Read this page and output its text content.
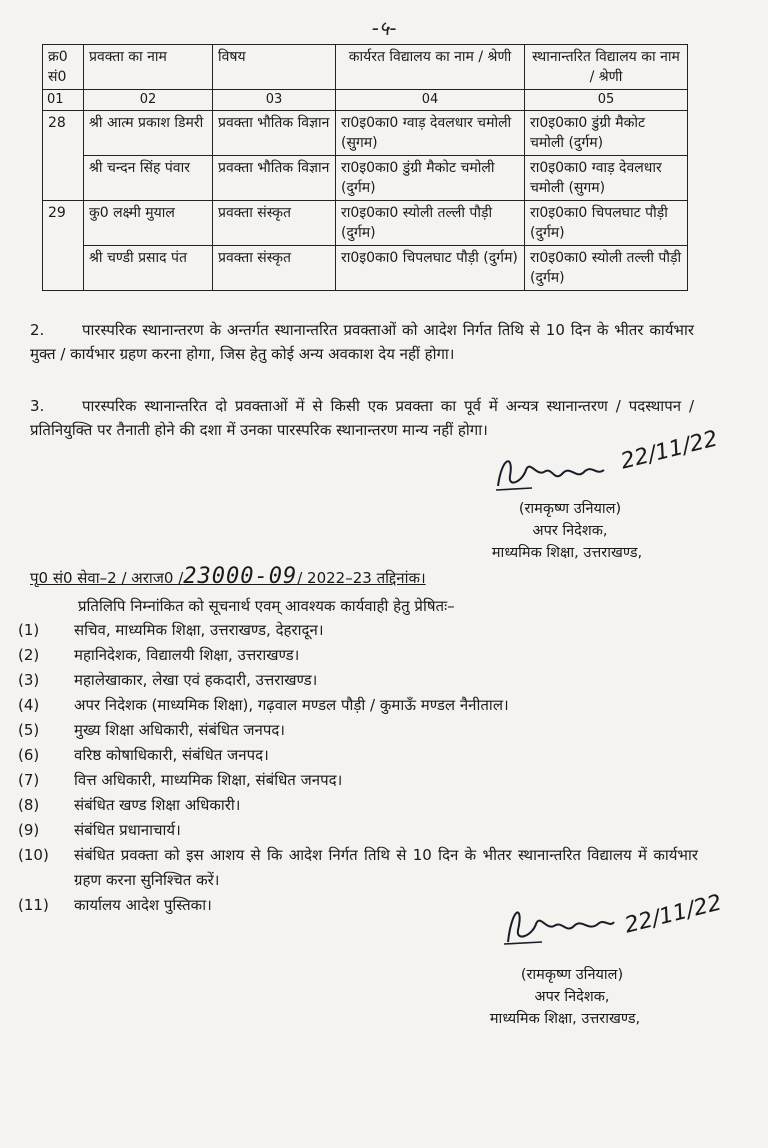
-५-
क्र0 सं0	प्रवक्ता का नाम	विषय	कार्यरत विद्यालय का नाम / श्रेणी	स्थानान्तरित विद्यालय का नाम / श्रेणी
01	02	03	04	05
28	श्री आत्म प्रकाश डिमरी	प्रवक्ता भौतिक विज्ञान	रा0इ0का0 ग्वाड़ देवलधार चमोली (सुगम)	रा0इ0का0 डुंग्री मैकोट चमोली (दुर्गम)
	श्री चन्दन सिंह पंवार	प्रवक्ता भौतिक विज्ञान	रा0इ0का0 डुंग्री मैकोट चमोली (दुर्गम)	रा0इ0का0 ग्वाड़ देवलधार चमोली (सुगम)
29	कु0 लक्ष्मी मुयाल	प्रवक्ता संस्कृत	रा0इ0का0 स्योली तल्ली पौड़ी (दुर्गम)	रा0इ0का0 चिपलघाट पौड़ी (दुर्गम)
	श्री चण्डी प्रसाद पंत	प्रवक्ता संस्कृत	रा0इ0का0 चिपलघाट पौड़ी (दुर्गम)	रा0इ0का0 स्योली तल्ली पौड़ी (दुर्गम)
2.	पारस्परिक स्थानान्तरण के अन्तर्गत स्थानान्तरित प्रवक्ताओं को आदेश निर्गत तिथि से 10 दिन के भीतर कार्यभार मुक्त / कार्यभार ग्रहण करना होगा, जिस हेतु कोई अन्य अवकाश देय नहीं होगा।
3.	पारस्परिक स्थानान्तरित दो प्रवक्ताओं में से किसी एक प्रवक्ता का पूर्व में अन्यत्र स्थानान्तरण / पदस्थापन / प्रतिनियुक्ति पर तैनाती होने की दशा में उनका पारस्परिक स्थानान्तरण मान्य नहीं होगा।	22/11/22
(रामकृष्ण उनियाल)
अपर निदेशक,
माध्यमिक शिक्षा, उत्तराखण्ड,
पृ0 सं0 सेवा–2 / अराज0 /23000-09/ 2022–23 तद्दिनांक।
प्रतिलिपि निम्नांकित को सूचनार्थ एवम् आवश्यक कार्यवाही हेतु प्रेषितः–
(1)	सचिव, माध्यमिक शिक्षा, उत्तराखण्ड, देहरादून।
(2)	महानिदेशक, विद्यालयी शिक्षा, उत्तराखण्ड।
(3)	महालेखाकार, लेखा एवं हकदारी, उत्तराखण्ड।
(4)	अपर निदेशक (माध्यमिक शिक्षा), गढ़वाल मण्डल पौड़ी / कुमाऊँ मण्डल नैनीताल।
(5)	मुख्य शिक्षा अधिकारी, संबंधित जनपद।
(6)	वरिष्ठ कोषाधिकारी, संबंधित जनपद।
(7)	वित्त अधिकारी, माध्यमिक शिक्षा, संबंधित जनपद।
(8)	संबंधित खण्ड शिक्षा अधिकारी।
(9)	संबंधित प्रधानाचार्य।
(10)	संबंधित प्रवक्ता को इस आशय से कि आदेश निर्गत तिथि से 10 दिन के भीतर स्थानान्तरित विद्यालय में कार्यभार ग्रहण करना सुनिश्चित करें।
(11)	कार्यालय आदेश पुस्तिका।	22/11/22
(रामकृष्ण उनियाल)
अपर निदेशक,
माध्यमिक शिक्षा, उत्तराखण्ड,
